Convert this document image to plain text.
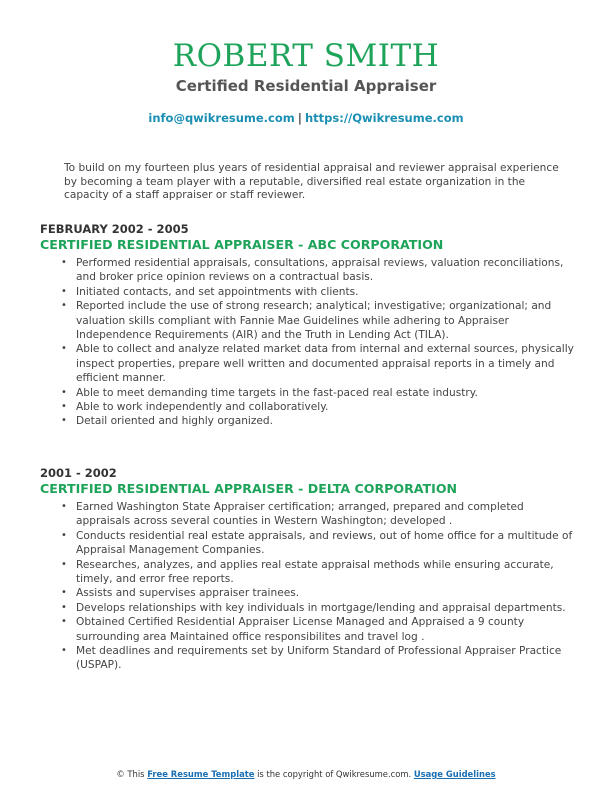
ROBERT SMITH
Certified Residential Appraiser
info@qwikresume.com | https://Qwikresume.com
To build on my fourteen plus years of residential appraisal and reviewer appraisal experience by becoming a team player with a reputable, diversified real estate organization in the capacity of a staff appraiser or staff reviewer.
FEBRUARY 2002 - 2005
CERTIFIED RESIDENTIAL APPRAISER - ABC CORPORATION
• Performed residential appraisals, consultations, appraisal reviews, valuation reconciliations, and broker price opinion reviews on a contractual basis.
• Initiated contacts, and set appointments with clients.
• Reported include the use of strong research; analytical; investigative; organizational; and valuation skills compliant with Fannie Mae Guidelines while adhering to Appraiser Independence Requirements (AIR) and the Truth in Lending Act (TILA).
• Able to collect and analyze related market data from internal and external sources, physically inspect properties, prepare well written and documented appraisal reports in a timely and efficient manner.
• Able to meet demanding time targets in the fast-paced real estate industry.
• Able to work independently and collaboratively.
• Detail oriented and highly organized.
2001 - 2002
CERTIFIED RESIDENTIAL APPRAISER - DELTA CORPORATION
• Earned Washington State Appraiser certification; arranged, prepared and completed appraisals across several counties in Western Washington; developed .
• Conducts residential real estate appraisals, and reviews, out of home office for a multitude of Appraisal Management Companies.
• Researches, analyzes, and applies real estate appraisal methods while ensuring accurate, timely, and error free reports.
• Assists and supervises appraiser trainees.
• Develops relationships with key individuals in mortgage/lending and appraisal departments.
• Obtained Certified Residential Appraiser License Managed and Appraised a 9 county surrounding area Maintained office responsibilites and travel log .
• Met deadlines and requirements set by Uniform Standard of Professional Appraiser Practice (USPAP).
© This Free Resume Template is the copyright of Qwikresume.com. Usage Guidelines
